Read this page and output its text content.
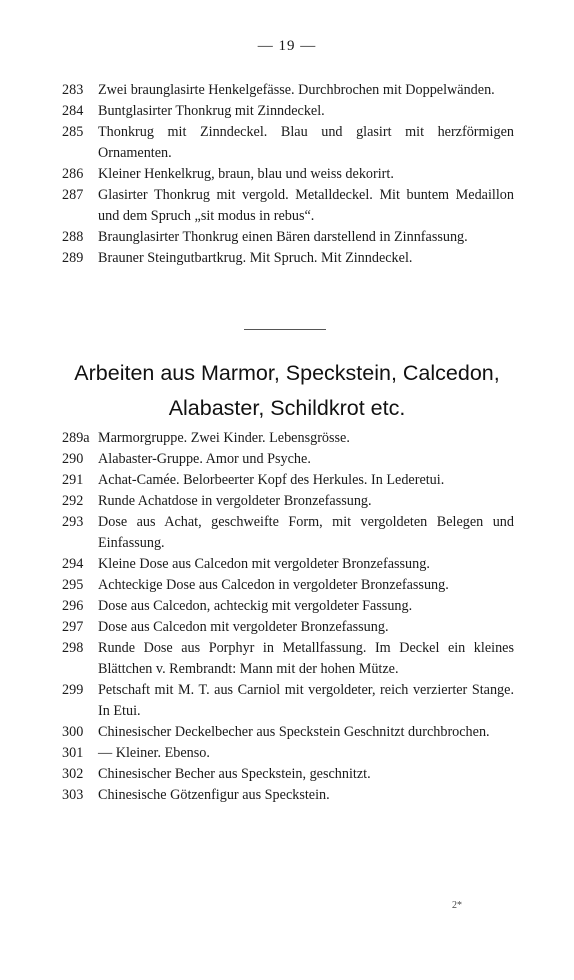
— 19 —
283	Zwei braunglasirte Henkelgefässe. Durchbrochen mit Doppelwänden.
284	Buntglasirter Thonkrug mit Zinndeckel.
285	Thonkrug mit Zinndeckel. Blau und glasirt mit herzförmigen Ornamenten.
286	Kleiner Henkelkrug, braun, blau und weiss dekorirt.
287	Glasirter Thonkrug mit vergold. Metalldeckel. Mit buntem Medaillon und dem Spruch „sit modus in rebus“.
288	Braunglasirter Thonkrug einen Bären darstellend in Zinnfassung.
289	Brauner Steingutbartkrug. Mit Spruch. Mit Zinndeckel.
Arbeiten aus Marmor, Speckstein, Calcedon,
Alabaster, Schildkrot etc.
289a Marmorgruppe. Zwei Kinder. Lebensgrösse.
290	Alabaster-Gruppe. Amor und Psyche.
291	Achat-Camée. Belorbeerter Kopf des Herkules. In Lederetui.
292	Runde Achatdose in vergoldeter Bronzefassung.
293	Dose aus Achat, geschweifte Form, mit vergoldeten Belegen und Einfassung.
294	Kleine Dose aus Calcedon mit vergoldeter Bronzefassung.
295	Achteckige Dose aus Calcedon in vergoldeter Bronzefassung.
296	Dose aus Calcedon, achteckig mit vergoldeter Fassung.
297	Dose aus Calcedon mit vergoldeter Bronzefassung.
298	Runde Dose aus Porphyr in Metallfassung. Im Deckel ein kleines Blättchen v. Rembrandt: Mann mit der hohen Mütze.
299	Petschaft mit M. T. aus Carniol mit vergoldeter, reich verzierter Stange. In Etui.
300	Chinesischer Deckelbecher aus Speckstein Geschnitzt durchbrochen.
301	— Kleiner. Ebenso.
302	Chinesischer Becher aus Speckstein, geschnitzt.
303	Chinesische Götzenfigur aus Speckstein.
2*
